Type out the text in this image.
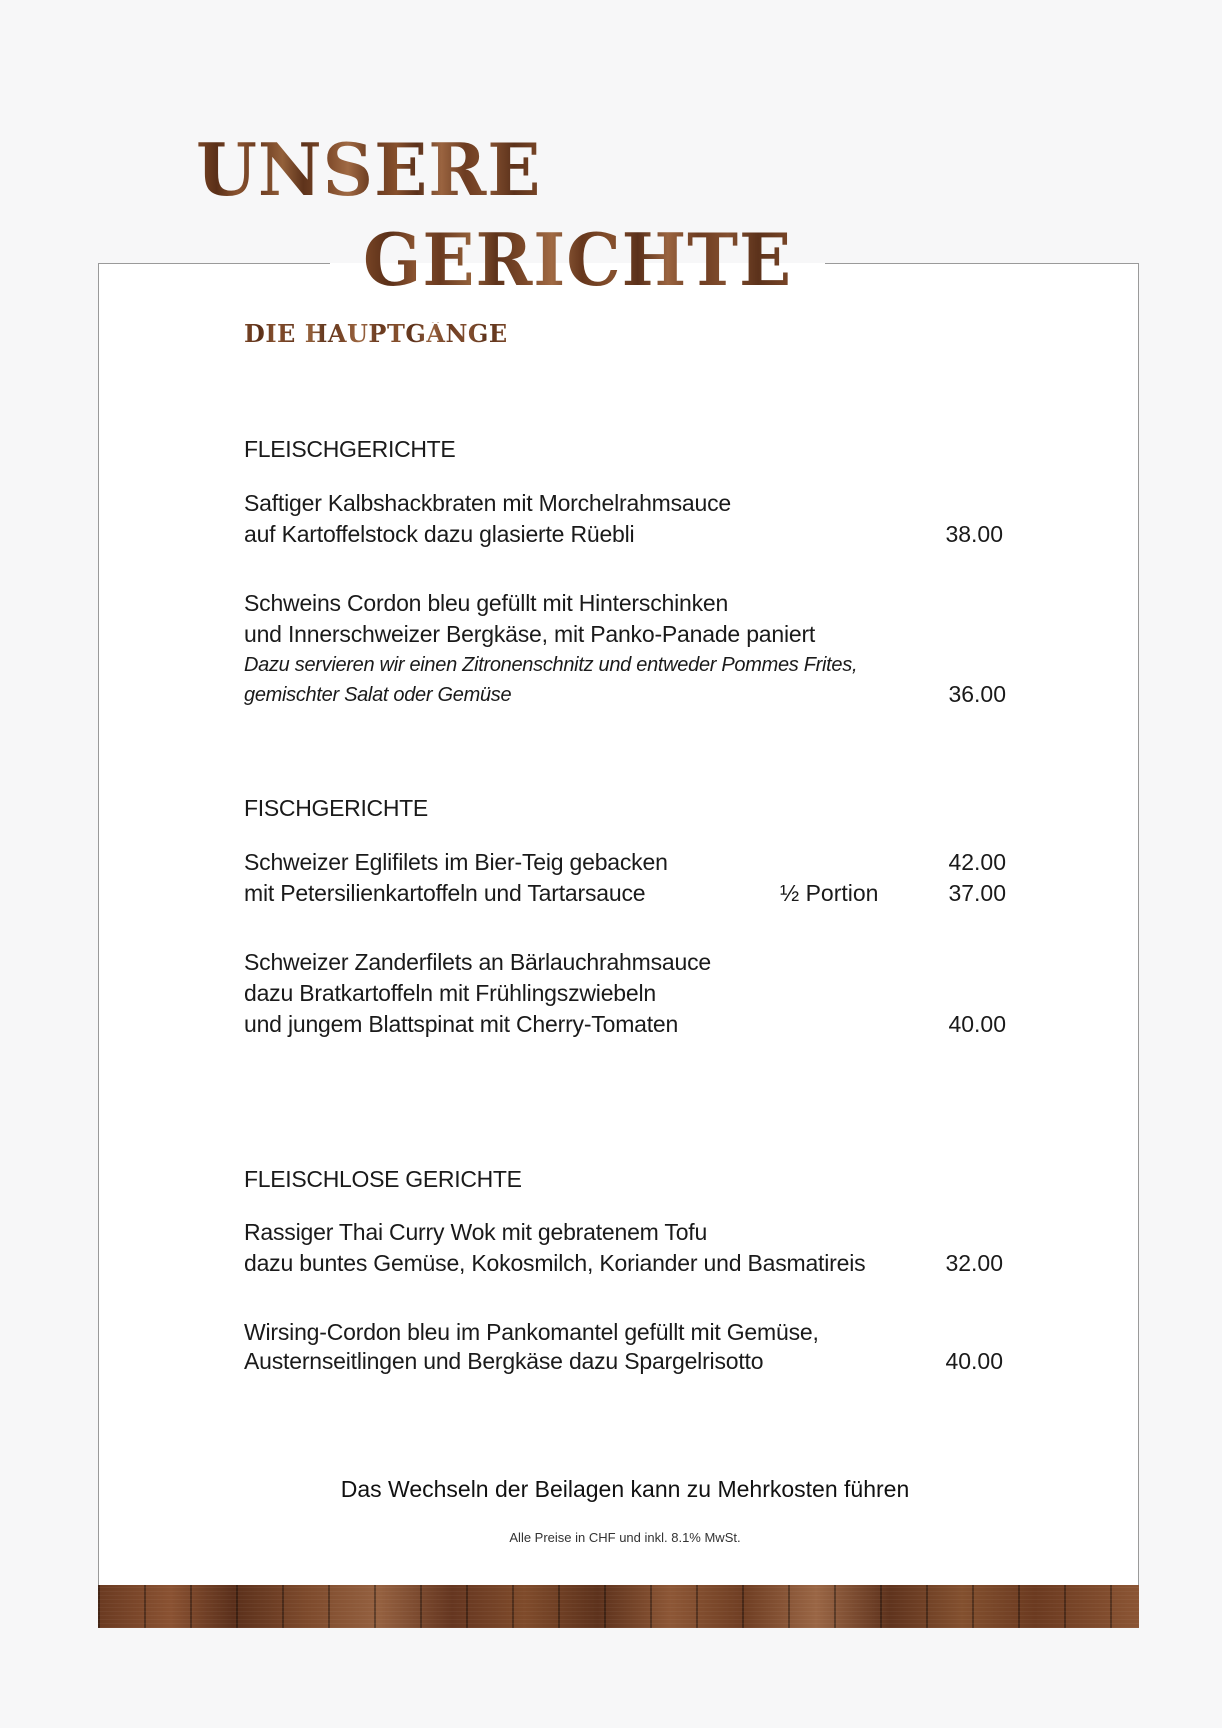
UNSERE
GERICHTE
DIE HAUPTGÄNGE
FLEISCHGERICHTE
Saftiger Kalbshackbraten mit Morchelrahmsauce
auf Kartoffelstock dazu glasierte Rüebli	38.00
Schweins Cordon bleu gefüllt mit Hinterschinken
und Innerschweizer Bergkäse, mit Panko-Panade paniert
Dazu servieren wir einen Zitronenschnitz und entweder Pommes Frites,
gemischter Salat oder Gemüse	36.00
FISCHGERICHTE
Schweizer Eglifilets im Bier-Teig gebacken	42.00
mit Petersilienkartoffeln und Tartarsauce	½ Portion	37.00
Schweizer Zanderfilets an Bärlauchrahmsauce
dazu Bratkartoffeln mit Frühlingszwiebeln
und jungem Blattspinat mit Cherry-Tomaten	40.00
FLEISCHLOSE GERICHTE
Rassiger Thai Curry Wok mit gebratenem Tofu
dazu buntes Gemüse, Kokosmilch, Koriander und Basmatireis	32.00
Wirsing-Cordon bleu im Pankomantel gefüllt mit Gemüse,
Austernseitlingen und Bergkäse dazu Spargelrisotto	40.00
Das Wechseln der Beilagen kann zu Mehrkosten führen
Alle Preise in CHF und inkl. 8.1% MwSt.
